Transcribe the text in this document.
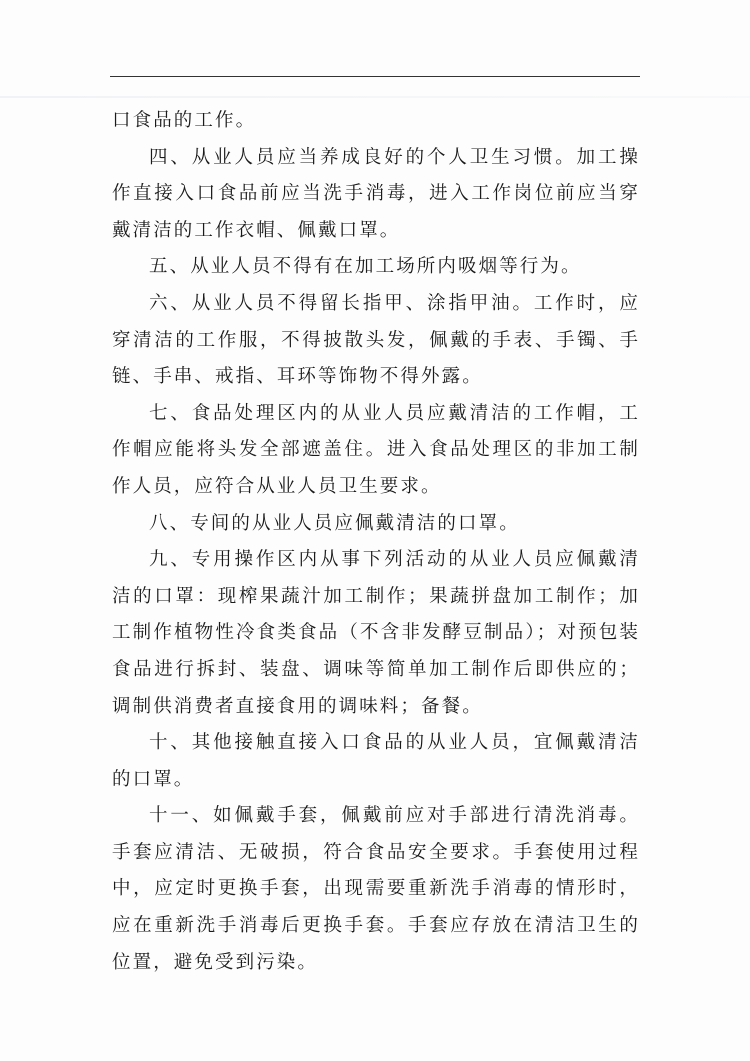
口食品的工作。

四、从业人员应当养成良好的个人卫生习惯。加工操作直接入口食品前应当洗手消毒，进入工作岗位前应当穿戴清洁的工作衣帽、佩戴口罩。

五、从业人员不得有在加工场所内吸烟等行为。

六、从业人员不得留长指甲、涂指甲油。工作时，应穿清洁的工作服，不得披散头发，佩戴的手表、手镯、手链、手串、戒指、耳环等饰物不得外露。

七、食品处理区内的从业人员应戴清洁的工作帽，工作帽应能将头发全部遮盖住。进入食品处理区的非加工制作人员，应符合从业人员卫生要求。

八、专间的从业人员应佩戴清洁的口罩。

九、专用操作区内从事下列活动的从业人员应佩戴清洁的口罩：现榨果蔬汁加工制作；果蔬拼盘加工制作；加工制作植物性冷食类食品（不含非发酵豆制品）；对预包装食品进行拆封、装盘、调味等简单加工制作后即供应的；调制供消费者直接食用的调味料；备餐。

十、其他接触直接入口食品的从业人员，宜佩戴清洁的口罩。

十一、如佩戴手套，佩戴前应对手部进行清洗消毒。手套应清洁、无破损，符合食品安全要求。手套使用过程中，应定时更换手套，出现需要重新洗手消毒的情形时，应在重新洗手消毒后更换手套。手套应存放在清洁卫生的位置，避免受到污染。
